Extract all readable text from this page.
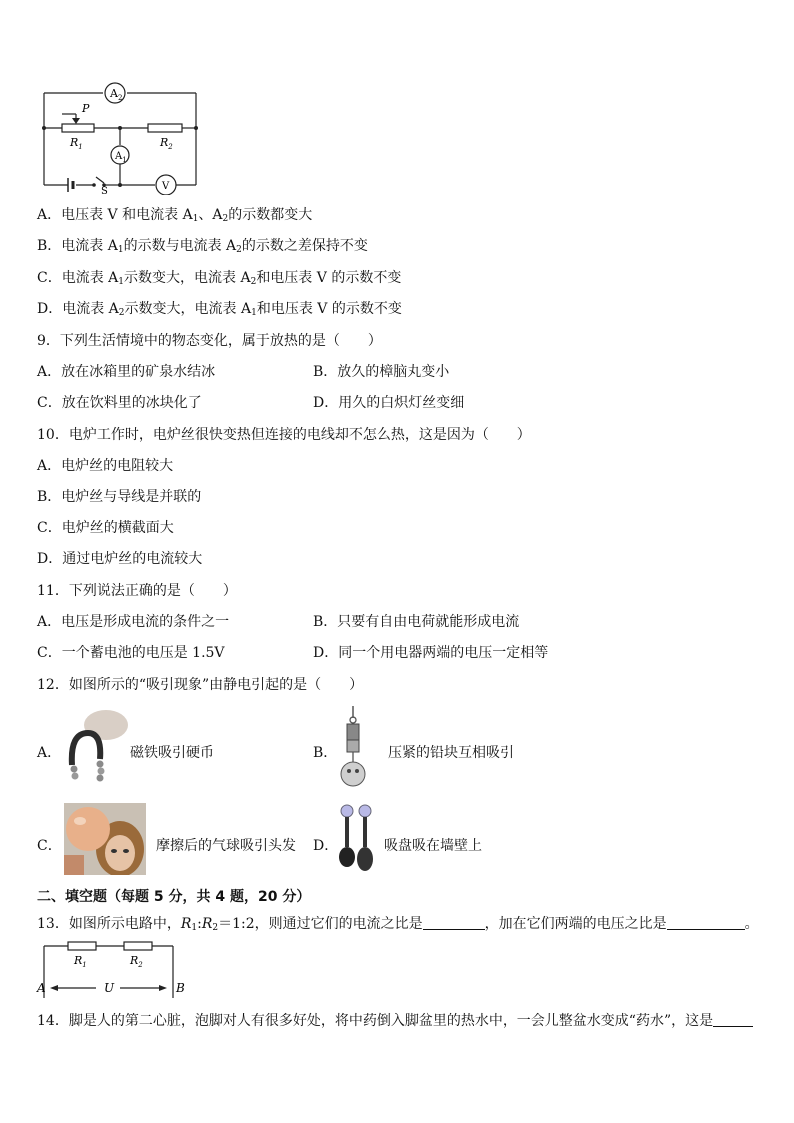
$A_2$
P
$R_1$	$R_2$
$A_1$
V
S
A．电压表 V 和电流表 $A_1$、$A_2$的示数都变大
B．电流表 $A_1$的示数与电流表 $A_2$的示数之差保持不变
C．电流表 $A_1$示数变大，电流表 $A_2$和电压表 V 的示数不变
D．电流表 $A_2$示数变大，电流表 $A_1$和电压表 V 的示数不变
9．下列生活情境中的物态变化，属于放热的是（　　）
A．放在冰箱里的矿泉水结冰	B．放久的樟脑丸变小
C．放在饮料里的冰块化了	D．用久的白炽灯丝变细
10．电炉工作时，电炉丝很快变热但连接的电线却不怎么热，这是因为（　　）
A．电炉丝的电阻较大
B．电炉丝与导线是并联的
C．电炉丝的横截面大
D．通过电炉丝的电流较大
11．下列说法正确的是（　　）
A．电压是形成电流的条件之一	B．只要有自由电荷就能形成电流
C．一个蓄电池的电压是 1.5V	D．同一个用电器两端的电压一定相等
12．如图所示的“吸引现象”由静电引起的是（　　）
A．	磁铁吸引硬币	B．	压紧的铅块互相吸引
C．	摩擦后的气球吸引头发 D．	吸盘吸在墙壁上
二、填空题（每题 5 分，共 4 题，20 分）
13．如图所示电路中，$R_1:R_2=1:2$，则通过它们的电流之比是	，加在它们两端的电压之比是	。
$R_1$	$R_2$
A	U	B
14．脚是人的第二心脏，泡脚对人有很多好处，将中药倒入脚盆里的热水中，一会儿整盆水变成“药水”，这是
